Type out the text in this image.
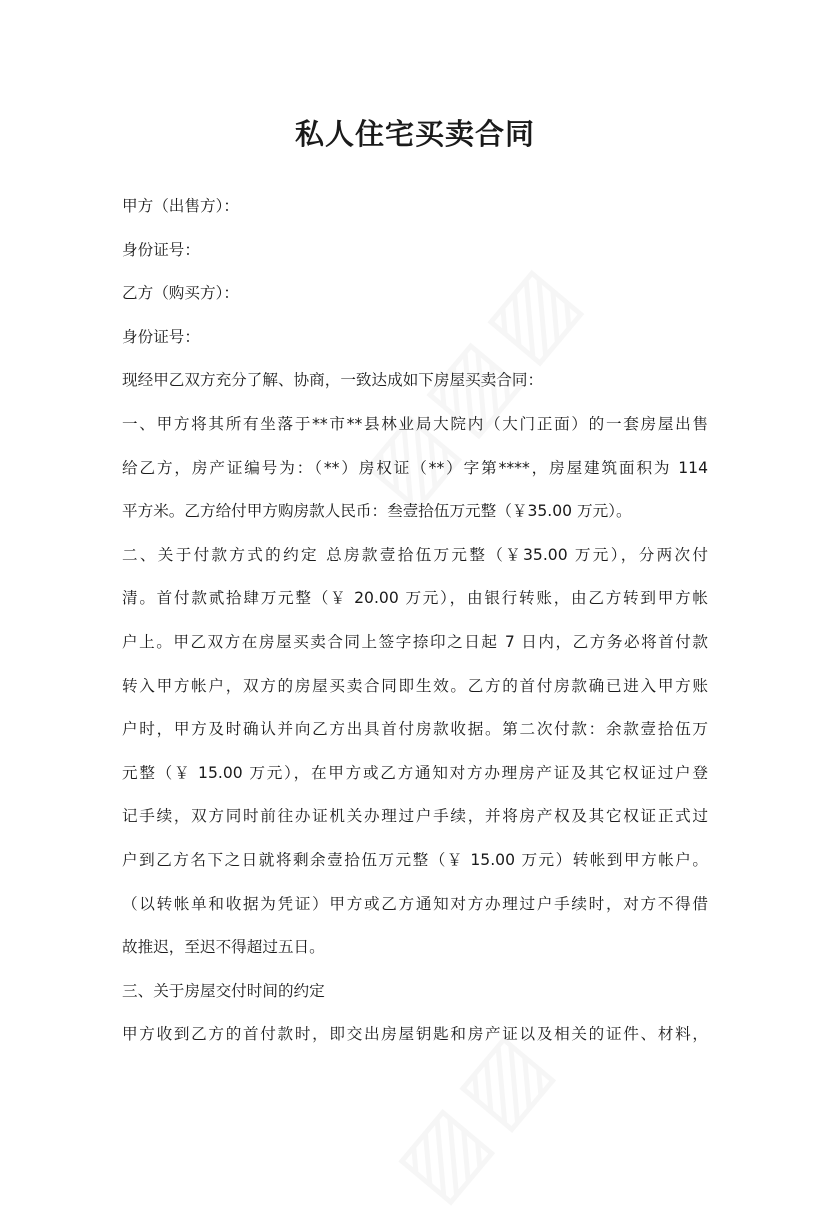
私人住宅买卖合同
甲方（出售方）：
身份证号：
乙方（购买方）：
身份证号：
现经甲乙双方充分了解、协商，一致达成如下房屋买卖合同：
一、甲方将其所有坐落于**市**县林业局大院内（大门正面）的一套房屋出售
给乙方，房产证编号为：（**）房权证（**）字第****，房屋建筑面积为 114
平方米。乙方给付甲方购房款人民币：叁壹拾伍万元整（￥35.00 万元）。
二、关于付款方式的约定 总房款壹拾伍万元整（￥35.00 万元），分两次付
清。首付款贰拾肆万元整（￥ 20.00 万元），由银行转账，由乙方转到甲方帐
户上。甲乙双方在房屋买卖合同上签字捺印之日起 7 日内，乙方务必将首付款
转入甲方帐户，双方的房屋买卖合同即生效。乙方的首付房款确已进入甲方账
户时，甲方及时确认并向乙方出具首付房款收据。第二次付款：余款壹拾伍万
元整（￥ 15.00 万元），在甲方或乙方通知对方办理房产证及其它权证过户登
记手续，双方同时前往办证机关办理过户手续，并将房产权及其它权证正式过
户到乙方名下之日就将剩余壹拾伍万元整（￥ 15.00 万元）转帐到甲方帐户。
（以转帐单和收据为凭证）甲方或乙方通知对方办理过户手续时，对方不得借
故推迟，至迟不得超过五日。
三、关于房屋交付时间的约定
甲方收到乙方的首付款时，即交出房屋钥匙和房产证以及相关的证件、材料，
